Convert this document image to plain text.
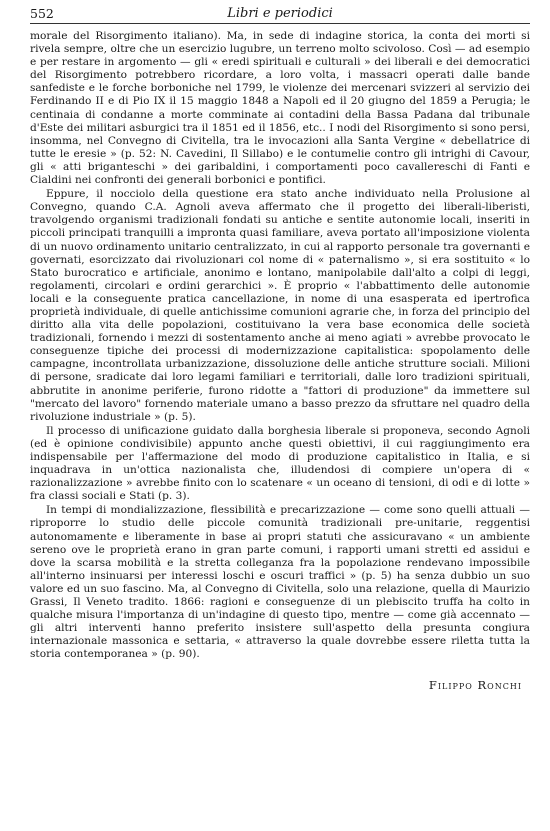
552	Libri e periodici

morale del Risorgimento italiano). Ma, in sede di indagine storica, la conta dei morti si rivela sempre, oltre che un esercizio lugubre, un terreno molto scivoloso. Così — ad esempio e per restare in argomento — gli « eredi spirituali e culturali » dei liberali e dei democratici del Risorgimento potrebbero ricordare, a loro volta, i massacri operati dalle bande sanfediste e le forche borboniche nel 1799, le violenze dei mercenari svizzeri al servizio dei Ferdinando II e di Pio IX il 15 maggio 1848 a Napoli ed il 20 giugno del 1859 a Perugia; le centinaia di condanne a morte comminate ai contadini della Bassa Padana dal tribunale d'Este dei militari asburgici tra il 1851 ed il 1856, etc.. I nodi del Risorgimento si sono persi, insomma, nel Convegno di Civitella, tra le invocazioni alla Santa Vergine « debellatrice di tutte le eresie » (p. 52: N. Cavedini, Il Sillabo) e le contumelie contro gli intrighi di Cavour, gli « atti briganteschi » dei garibaldini, i comportamenti poco cavallereschi di Fanti e Cialdini nei confronti dei generali borbonici e pontifici.

Eppure, il nocciolo della questione era stato anche individuato nella Prolusione al Convegno, quando C.A. Agnoli aveva affermato che il progetto dei liberali-liberisti, travolgendo organismi tradizionali fondati su antiche e sentite autonomie locali, inseriti in piccoli principati tranquilli a impronta quasi familiare, aveva portato all'imposizione violenta di un nuovo ordinamento unitario centralizzato, in cui al rapporto personale tra governanti e governati, esorcizzato dai rivoluzionari col nome di « paternalismo », si era sostituito « lo Stato burocratico e artificiale, anonimo e lontano, manipolabile dall'alto a colpi di leggi, regolamenti, circolari e ordini gerarchici ». È proprio « l'abbattimento delle autonomie locali e la conseguente pratica cancellazione, in nome di una esasperata ed ipertrofica proprietà individuale, di quelle antichissime comunioni agrarie che, in forza del principio del diritto alla vita delle popolazioni, costituivano la vera base economica delle società tradizionali, fornendo i mezzi di sostentamento anche ai meno agiati » avrebbe provocato le conseguenze tipiche dei processi di modernizzazione capitalistica: spopolamento delle campagne, incontrollata urbanizzazione, dissoluzione delle antiche strutture sociali. Milioni di persone, sradicate dai loro legami familiari e territoriali, dalle loro tradizioni spirituali, abbrutite in anonime periferie, furono ridotte a "fattori di produzione" da immettere sul "mercato del lavoro" fornendo materiale umano a basso prezzo da sfruttare nel quadro della rivoluzione industriale » (p. 5).

Il processo di unificazione guidato dalla borghesia liberale si proponeva, secondo Agnoli (ed è opinione condivisibile) appunto anche questi obiettivi, il cui raggiungimento era indispensabile per l'affermazione del modo di produzione capitalistico in Italia, e si inquadrava in un'ottica nazionalista che, illudendosi di compiere un'opera di « razionalizzazione » avrebbe finito con lo scatenare « un oceano di tensioni, di odi e di lotte » fra classi sociali e Stati (p. 3).

In tempi di mondializzazione, flessibilità e precarizzazione — come sono quelli attuali — riproporre lo studio delle piccole comunità tradizionali pre-unitarie, reggentisi autonomamente e liberamente in base ai propri statuti che assicuravano « un ambiente sereno ove le proprietà erano in gran parte comuni, i rapporti umani stretti ed assidui e dove la scarsa mobilità e la stretta colleganza fra la popolazione rendevano impossibile all'interno insinuarsi per interessi loschi e oscuri traffici » (p. 5) ha senza dubbio un suo valore ed un suo fascino. Ma, al Convegno di Civitella, solo una relazione, quella di Maurizio Grassi, Il Veneto tradito. 1866: ragioni e conseguenze di un plebiscito truffa ha colto in qualche misura l'importanza di un'indagine di questo tipo, mentre — come già accennato — gli altri interventi hanno preferito insistere sull'aspetto della presunta congiura internazionale massonica e settaria, « attraverso la quale dovrebbe essere riletta tutta la storia contemporanea » (p. 90).

Filippo Ronchi
